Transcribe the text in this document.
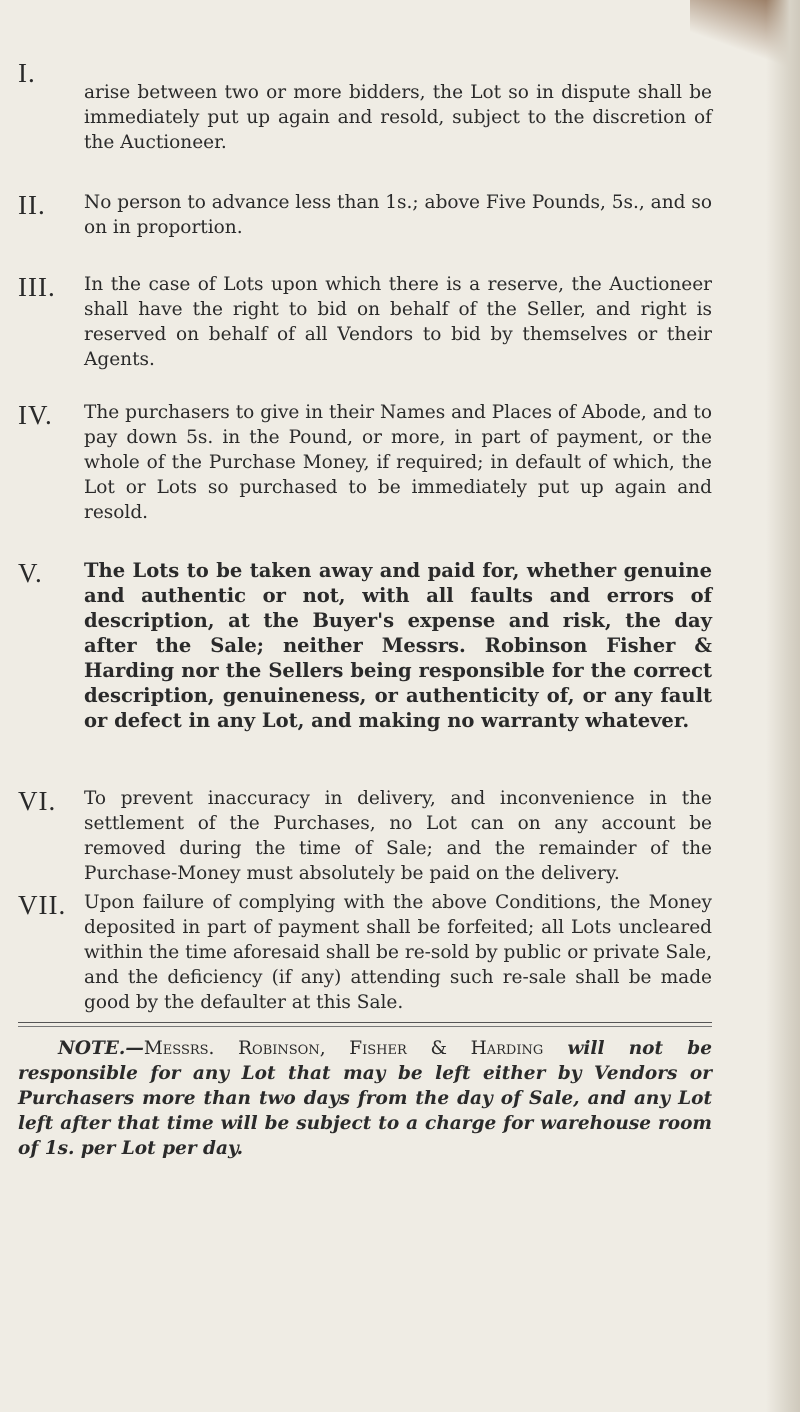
I.
arise between two or more bidders, the Lot so in dispute shall be immediately put up again and resold, subject to the discretion of the Auctioneer.
II. No person to advance less than 1s.; above Five Pounds, 5s., and so on in proportion.
III. In the case of Lots upon which there is a reserve, the Auctioneer shall have the right to bid on behalf of the Seller, and right is reserved on behalf of all Vendors to bid by themselves or their Agents.
IV. The purchasers to give in their Names and Places of Abode, and to pay down 5s. in the Pound, or more, in part of payment, or the whole of the Purchase Money, if required; in default of which, the Lot or Lots so purchased to be immediately put up again and resold.
V. The Lots to be taken away and paid for, whether genuine and authentic or not, with all faults and errors of description, at the Buyer's expense and risk, the day after the Sale; neither Messrs. Robinson Fisher & Harding nor the Sellers being responsible for the correct description, genuineness, or authenticity of, or any fault or defect in any Lot, and making no warranty whatever.
VI. To prevent inaccuracy in delivery, and inconvenience in the settlement of the Purchases, no Lot can on any account be removed during the time of Sale; and the remainder of the Purchase-Money must absolutely be paid on the delivery.
VII. Upon failure of complying with the above Conditions, the Money deposited in part of payment shall be forfeited; all Lots uncleared within the time aforesaid shall be re-sold by public or private Sale, and the deficiency (if any) attending such re-sale shall be made good by the defaulter at this Sale.
NOTE.—Messrs. Robinson, Fisher & Harding will not be responsible for any Lot that may be left either by Vendors or Purchasers more than two days from the day of Sale, and any Lot left after that time will be subject to a charge for warehouse room of 1s. per Lot per day.
